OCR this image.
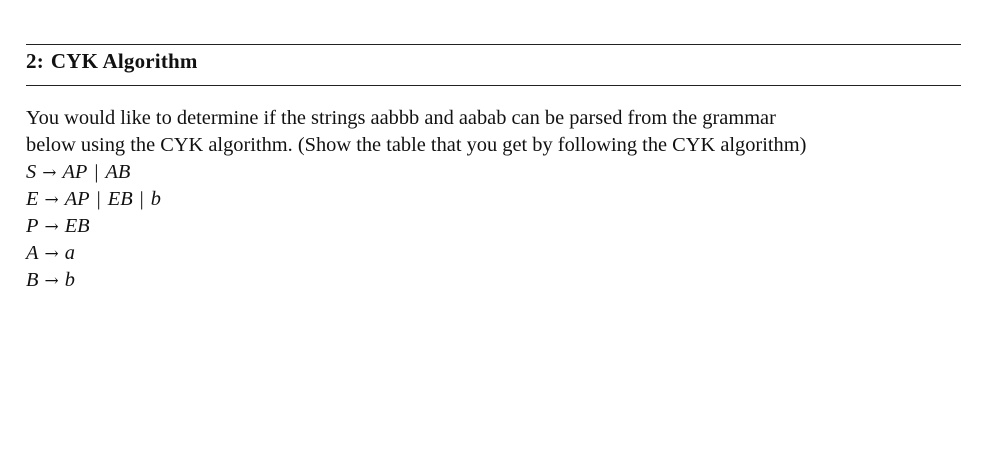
2: CYK Algorithm
You would like to determine if the strings aabbb and aabab can be parsed from the grammar
below using the CYK algorithm. (Show the table that you get by following the CYK algorithm)
S → AP | AB
E → AP | EB | b
P → EB
A → a
B → b
